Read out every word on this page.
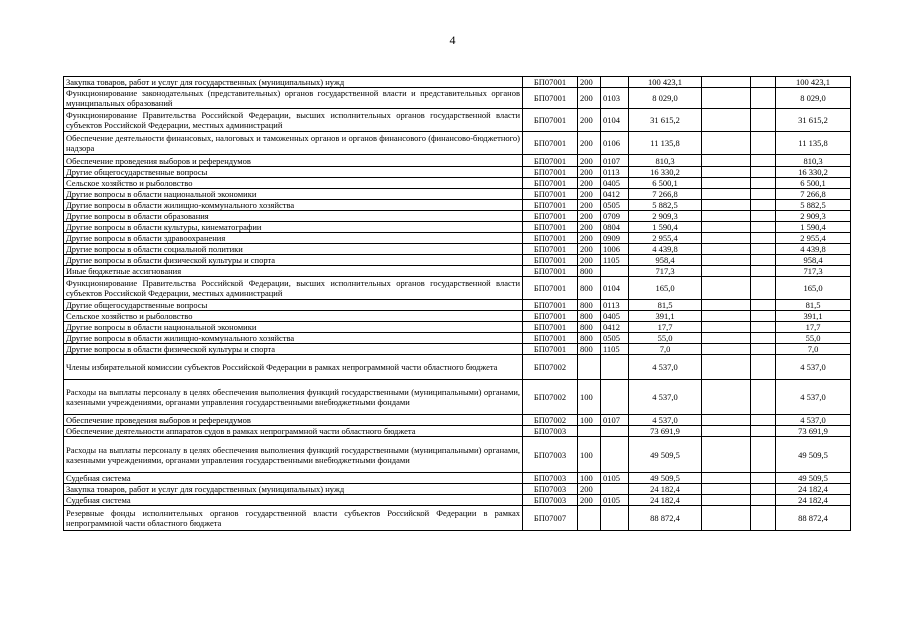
4
Закупка товаров, работ и услуг для государственных (муниципальных) нужд	БП07001	200		100 423,1			100 423,1
Функционирование законодательных (представительных) органов государственной власти и представительных органов муниципальных образований	БП07001	200	0103	8 029,0			8 029,0
Функционирование Правительства Российской Федерации, высших исполнительных органов государственной власти субъектов Российской Федерации, местных администраций	БП07001	200	0104	31 615,2			31 615,2
Обеспечение деятельности финансовых, налоговых и таможенных органов и органов финансового (финансово-бюджетного) надзора	БП07001	200	0106	11 135,8			11 135,8
Обеспечение проведения выборов и референдумов	БП07001	200	0107	810,3			810,3
Другие общегосударственные вопросы	БП07001	200	0113	16 330,2			16 330,2
Сельское хозяйство и рыболовство	БП07001	200	0405	6 500,1			6 500,1
Другие вопросы в области национальной экономики	БП07001	200	0412	7 266,8			7 266,8
Другие вопросы в области жилищно-коммунального хозяйства	БП07001	200	0505	5 882,5			5 882,5
Другие вопросы в области образования	БП07001	200	0709	2 909,3			2 909,3
Другие вопросы в области культуры, кинематографии	БП07001	200	0804	1 590,4			1 590,4
Другие вопросы в области здравоохранения	БП07001	200	0909	2 955,4			2 955,4
Другие вопросы в области социальной политики	БП07001	200	1006	4 439,8			4 439,8
Другие вопросы в области физической культуры и спорта	БП07001	200	1105	958,4			958,4
Иные бюджетные ассигнования	БП07001	800		717,3			717,3
Функционирование Правительства Российской Федерации, высших исполнительных органов государственной власти субъектов Российской Федерации, местных администраций	БП07001	800	0104	165,0			165,0
Другие общегосударственные вопросы	БП07001	800	0113	81,5			81,5
Сельское хозяйство и рыболовство	БП07001	800	0405	391,1			391,1
Другие вопросы в области национальной экономики	БП07001	800	0412	17,7			17,7
Другие вопросы в области жилищно-коммунального хозяйства	БП07001	800	0505	55,0			55,0
Другие вопросы в области физической культуры и спорта	БП07001	800	1105	7,0			7,0
Члены избирательной комиссии субъектов Российской Федерации в рамках непрограммной части областного бюджета	БП07002			4 537,0			4 537,0
Расходы на выплаты персоналу в целях обеспечения выполнения функций государственными (муниципальными) органами, казенными учреждениями, органами управления государственными внебюджетными фондами	БП07002	100		4 537,0			4 537,0
Обеспечение проведения выборов и референдумов	БП07002	100	0107	4 537,0			4 537,0
Обеспечение деятельности аппаратов судов в рамках непрограммной части областного бюджета	БП07003			73 691,9			73 691,9
Расходы на выплаты персоналу в целях обеспечения выполнения функций государственными (муниципальными) органами, казенными учреждениями, органами управления государственными внебюджетными фондами	БП07003	100		49 509,5			49 509,5
Судебная система	БП07003	100	0105	49 509,5			49 509,5
Закупка товаров, работ и услуг для государственных (муниципальных) нужд	БП07003	200		24 182,4			24 182,4
Судебная система	БП07003	200	0105	24 182,4			24 182,4
Резервные фонды исполнительных органов государственной власти субъектов Российской Федерации в рамках непрограммной части областного бюджета	БП07007			88 872,4			88 872,4
